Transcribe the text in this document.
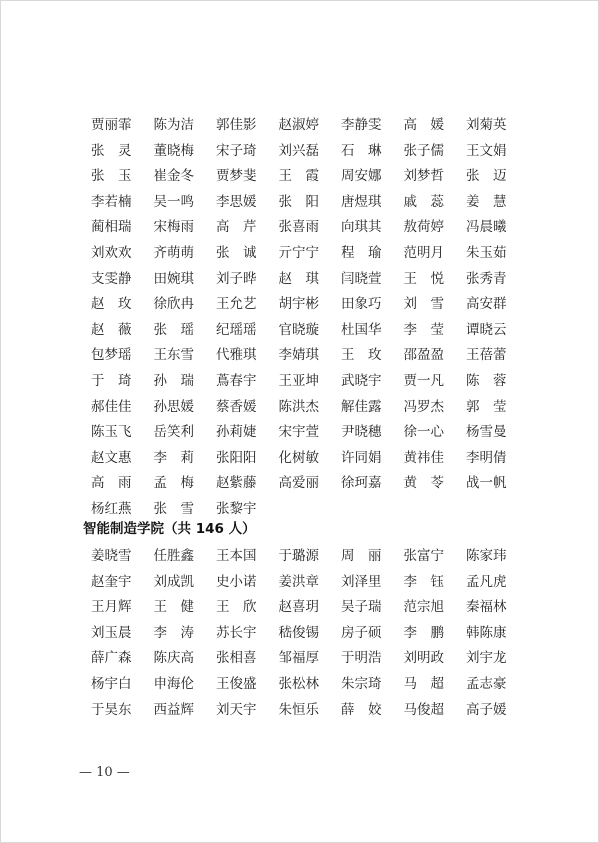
贾丽霏	陈为洁	郭佳影	赵淑婷	李静雯	高　媛	刘菊英
张　灵	董晓梅	宋子琦	刘兴磊	石　琳	张子儒	王文娟
张　玉	崔金冬	贾梦斐	王　霞	周安娜	刘梦哲	张　迈
李若楠	吴一鸣	李思媛	张　阳	唐煜琪	戚　蕊	姜　慧
蔺相瑞	宋梅雨	高　芹	张喜雨	向琪其	敖荷婷	冯晨曦
刘欢欢	齐萌萌	张　诚	亓宁宁	程　瑜	范明月	朱玉茹
支雯静	田婉琪	刘子晔	赵　琪	闫晓萱	王　悦	张秀青
赵　玫	徐欣冉	王允艺	胡宇彬	田象巧	刘　雪	高安群
赵　薇	张　瑶	纪瑶瑶	官晓璇	杜国华	李　莹	谭晓云
包梦瑶	王东雪	代雅琪	李婧琪	王　玫	邵盈盈	王蓓蕾
于　琦	孙　瑞	蔦春宇	王亚坤	武晓宇	贾一凡	陈　蓉
郝佳佳	孙思媛	蔡香媛	陈洪杰	解佳露	冯罗杰	郭　莹
陈玉飞	岳笑利	孙莉婕	宋宇萱	尹晓穗	徐一心	杨雪曼
赵文惠	李　莉	张阳阳	化树敏	许同娟	黄祎佳	李明倩
高　雨	孟　梅	赵紫藤	高爱丽	徐珂嘉	黄　苓	战一帆
杨红燕	张　雪	张黎宇
智能制造学院（共 146 人）
姜晓雪	任胜鑫	王本国	于璐源	周　丽	张富宁	陈家玮
赵奎宇	刘成凯	史小诺	姜洪章	刘泽里	李　钰	孟凡虎
王月辉	王　健	王　欣	赵喜玥	吴子瑞	范宗旭	秦福林
刘玉晨	李　涛	苏长宇	嵇俊锡	房子硕	李　鹏	韩陈康
薛广森	陈庆高	张相喜	邹福厚	于明浩	刘明政	刘宇龙
杨宇白	申海伦	王俊盛	张松林	朱宗琦	马　超	孟志豪
于昊东	西益辉	刘天宇	朱恒乐	薛　姣	马俊超	高子媛
— 10 —
